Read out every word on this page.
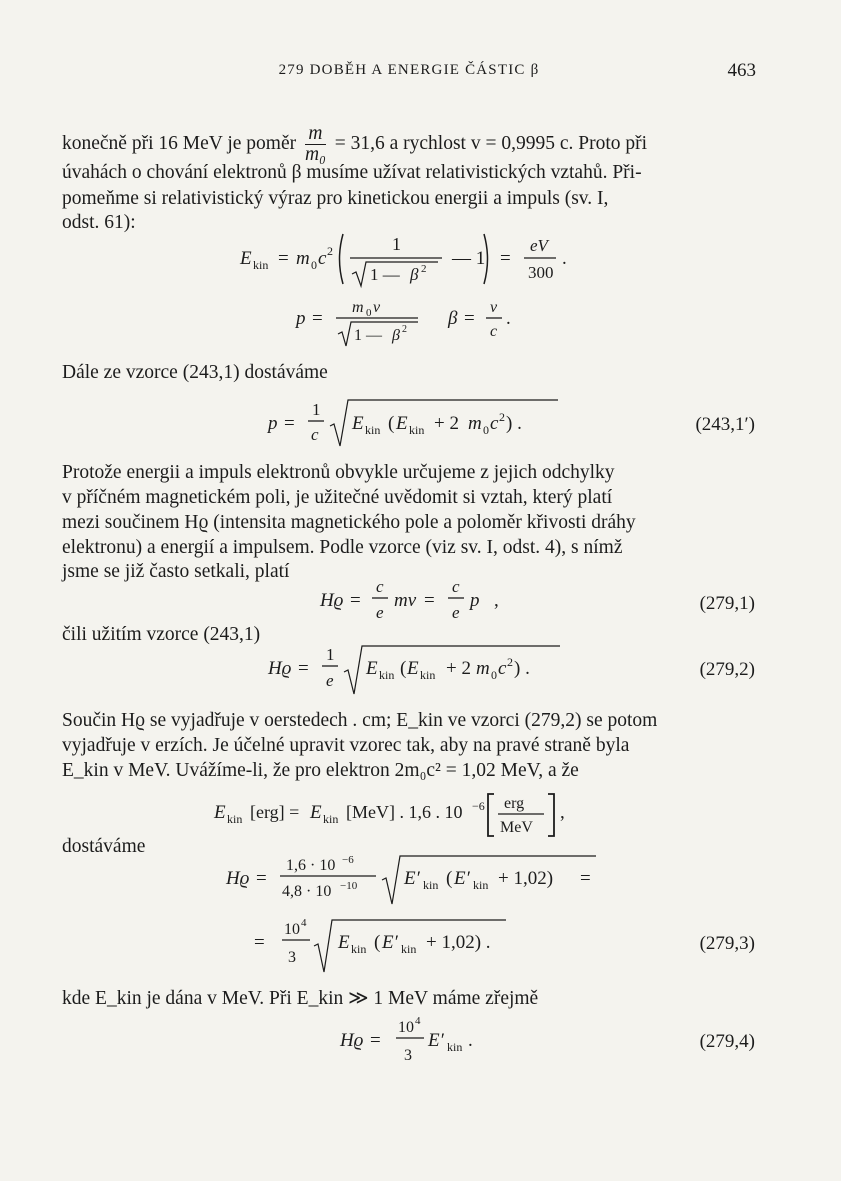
279 DOBĚH A ENERGIE ČÁSTIC β	463
konečně při 16 MeV je poměr $\frac{m}{\text{m₀}} = 31,6$ a rychlost v = 0,9995 c. Proto při
úvahách o chování elektronů β musíme užívat relativistických vztahů. Při-
pomeňme si relativistický výraz pro kinetickou energii a impuls (sv. I,
odst. 61):
E kin = m 0 c 2	1
1 — β 2 — 1 =
eV
300
.
p =
m 0 v
1 — β 2
β =
v
c
.
Dále ze vzorce (243,1) dostáváme
p =
1
c
E kin ( E kin + 2 m 0 c 2 ) .	(243,1′)
Protože energii a impuls elektronů obvykle určujeme z jejich odchylky
v příčném magnetickém poli, je užitečné uvědomit si vztah, který platí
mezi součinem Hϱ (intensita magnetického pole a poloměr křivosti dráhy
elektronu) a energií a impulsem. Podle vzorce (viz sv. I, odst. 4), s nímž
jsme se již často setkali, platí
Hϱ =
c
e
mv =
c
e
p ,	(279,1)
čili užitím vzorce (243,1)
Hϱ =
1
e
E kin ( E kin + 2 m 0 c 2 ) .	(279,2)
Součin Hϱ se vyjadřuje v oerstedech . cm; E_kin ve vzorci (279,2) se potom
vyjadřuje v erzích. Je účelné upravit vzorec tak, aby na pravé straně byla
E_kin v MeV. Uvážíme-li, že pro elektron 2m₀c² = 1,02 MeV, a že
E kin [erg] = E kin [MeV] . 1,6 . 10 −6 erg
MeV
,
dostáváme
Hϱ =
1,6 · 10 −6
4,8 · 10 −10 E′ kin ( E′ kin + 1,02) =
=
10 4
3
E kin ( E′ kin + 1,02) .	(279,3)
kde E_kin je dána v MeV. Při E_kin ≫ 1 MeV máme zřejmě
Hϱ =
10 4
3
E′ kin .	(279,4)
